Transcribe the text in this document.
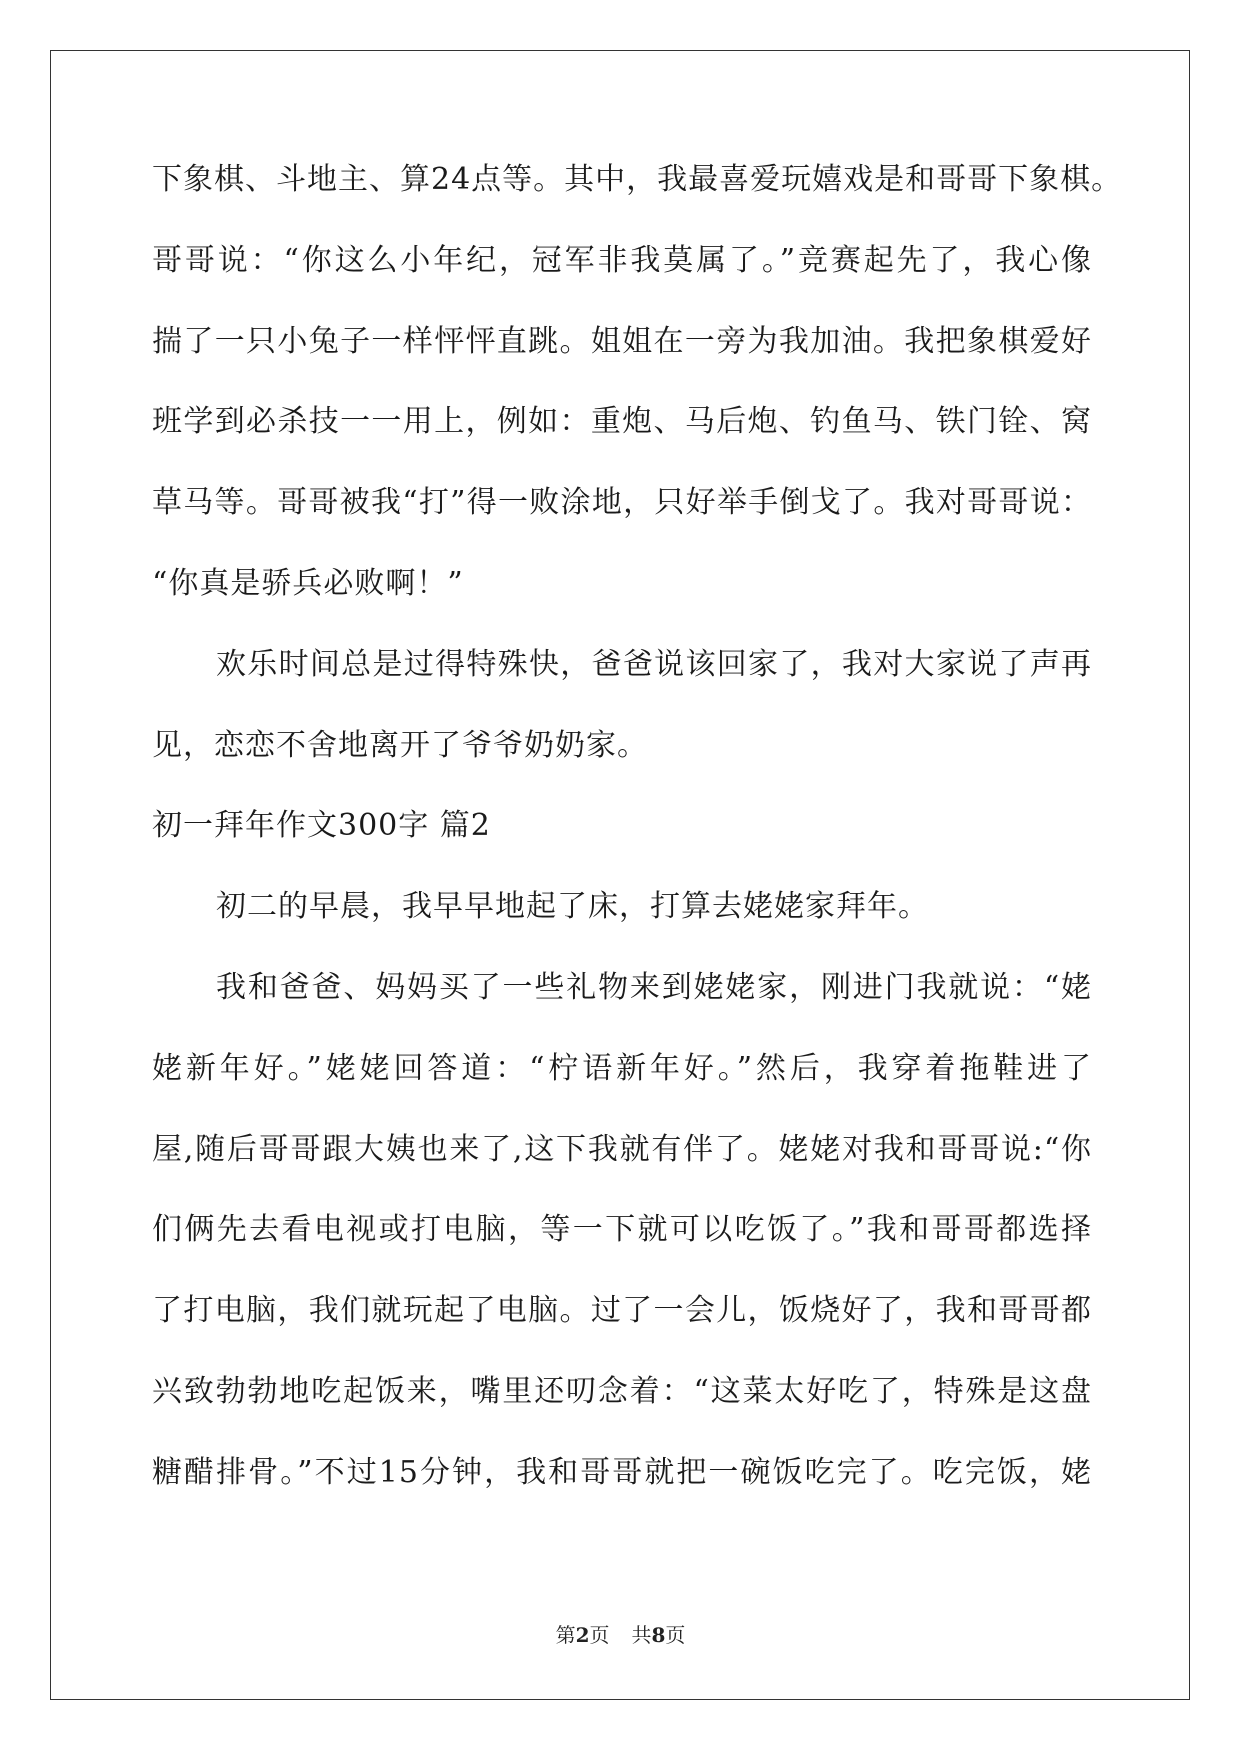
下象棋、斗地主、算24点等。其中，我最喜爱玩嬉戏是和哥哥下象棋。
哥哥说：“你这么小年纪，冠军非我莫属了。”竞赛起先了，我心像
揣了一只小兔子一样怦怦直跳。姐姐在一旁为我加油。我把象棋爱好
班学到必杀技一一用上，例如：重炮、马后炮、钓鱼马、铁门铨、窝
草马等。哥哥被我“打”得一败涂地，只好举手倒戈了。我对哥哥说：
“你真是骄兵必败啊！”
欢乐时间总是过得特殊快，爸爸说该回家了，我对大家说了声再
见，恋恋不舍地离开了爷爷奶奶家。
初一拜年作文300字 篇2
初二的早晨，我早早地起了床，打算去姥姥家拜年。
我和爸爸、妈妈买了一些礼物来到姥姥家，刚进门我就说：“姥
姥新年好。”姥姥回答道：“柠语新年好。”然后，我穿着拖鞋进了
屋,随后哥哥跟大姨也来了,这下我就有伴了。姥姥对我和哥哥说:“你
们俩先去看电视或打电脑，等一下就可以吃饭了。”我和哥哥都选择
了打电脑，我们就玩起了电脑。过了一会儿，饭烧好了，我和哥哥都
兴致勃勃地吃起饭来，嘴里还叨念着：“这菜太好吃了，特殊是这盘
糖醋排骨。”不过15分钟，我和哥哥就把一碗饭吃完了。吃完饭，姥
第2页 共8页
